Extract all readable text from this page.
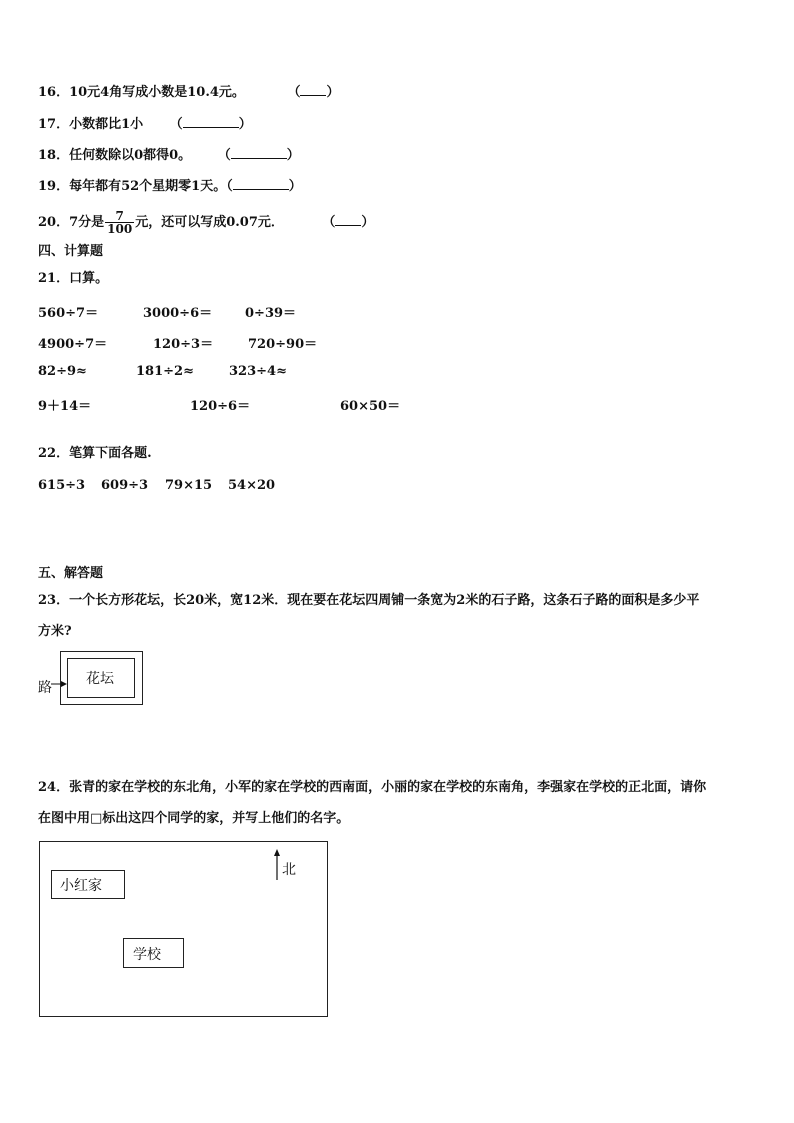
16．10元4角写成小数是10.4元。	（ ）
17．小数都比1小 （	）
18．任何数除以0都得0。 （	）
19．每年都有52个星期零1天。（	）
20．7分是 $\frac{7}{100}$ 元，还可以写成0.07元．	（ ）
四、计算题
21．口算。
560÷7＝	3000÷6＝	0÷39＝
4900÷7＝	120÷3＝	720÷90＝
82÷9≈	181÷2≈	323÷4≈
9＋14＝	120÷6＝	60×50＝
22．笔算下面各题.
615÷3 609÷3 79×15 54×20
五、解答题
23．一个长方形花坛，长20米，宽12米．现在要在花坛四周铺一条宽为2米的石子路，这条石子路的面积是多少平
方米?
花坛
路
24．张青的家在学校的东北角，小军的家在学校的西南面，小丽的家在学校的东南角，李强家在学校的正北面，请你
在图中用□标出这四个同学的家，并写上他们的名字。
小红家
学校
北
